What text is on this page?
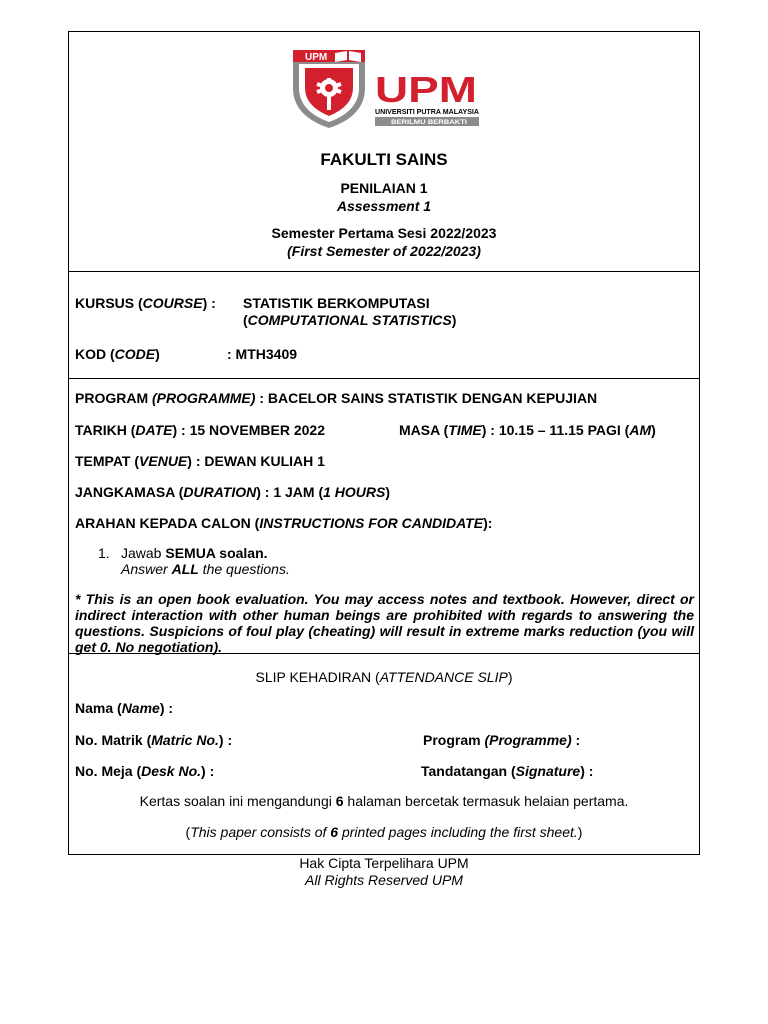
UPM
UPM
UNIVERSITI PUTRA MALAYSIA
BERILMU BERBAKTI
FAKULTI SAINS
PENILAIAN 1
Assessment 1
Semester Pertama Sesi 2022/2023
(First Semester of 2022/2023)
KURSUS (COURSE) : STATISTIK BERKOMPUTASI
(COMPUTATIONAL STATISTICS)
KOD (CODE)	: MTH3409
PROGRAM (PROGRAMME) : BACELOR SAINS STATISTIK DENGAN KEPUJIAN
TARIKH (DATE) : 15 NOVEMBER 2022	MASA (TIME) : 10.15 – 11.15 PAGI (AM)
TEMPAT (VENUE) : DEWAN KULIAH 1
JANGKAMASA (DURATION) : 1 JAM (1 HOURS)
ARAHAN KEPADA CALON (INSTRUCTIONS FOR CANDIDATE):
1. Jawab SEMUA soalan.
Answer ALL the questions.
* This is an open book evaluation. You may access notes and textbook. However, direct or indirect interaction with other human beings are prohibited with regards to answering the questions. Suspicions of foul play (cheating) will result in extreme marks reduction (you will get 0. No negotiation).
SLIP KEHADIRAN (ATTENDANCE SLIP)
Nama (Name) :
No. Matrik (Matric No.) :	Program (Programme) :
No. Meja (Desk No.) :	Tandatangan (Signature) :
Kertas soalan ini mengandungi 6 halaman bercetak termasuk helaian pertama.
(This paper consists of 6 printed pages including the first sheet.)
Hak Cipta Terpelihara UPM
All Rights Reserved UPM
